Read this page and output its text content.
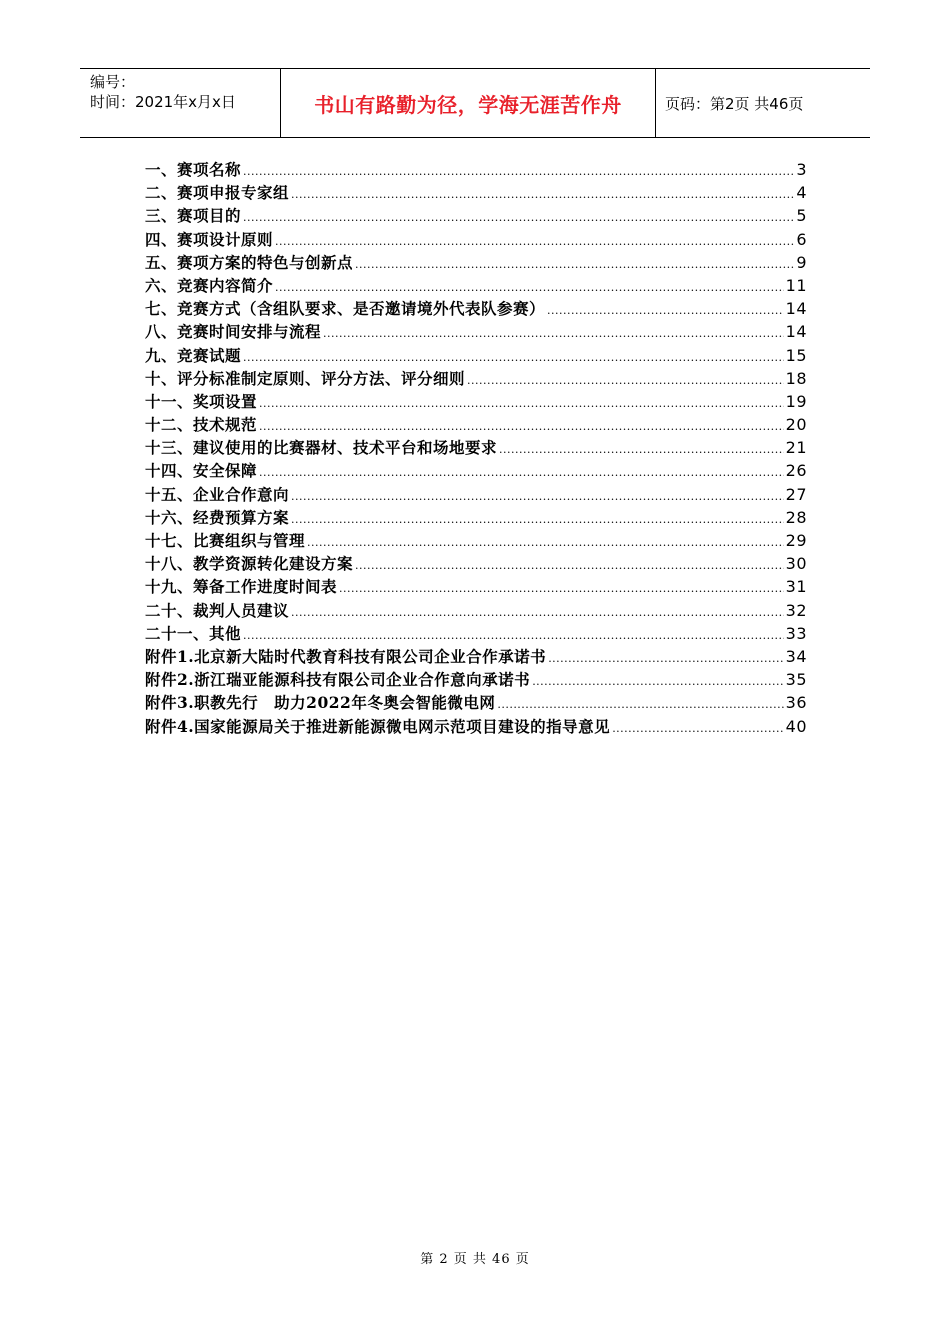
编号：
时间：2021年x月x日	书山有路勤为径，学海无涯苦作舟	页码：第2页 共46页
一、赛项名称 .....	3
二、赛项申报专家组 .....	4
三、赛项目的 .....	5
四、赛项设计原则 .....	6
五、赛项方案的特色与创新点 .....	9
六、竞赛内容简介 .....	11
七、竞赛方式（含组队要求、是否邀请境外代表队参赛） .....	14
八、竞赛时间安排与流程 .....	14
九、竞赛试题 .....	15
十、评分标准制定原则、评分方法、评分细则 .....	18
十一、奖项设置 .....	19
十二、技术规范 .....	20
十三、建议使用的比赛器材、技术平台和场地要求 .....	21
十四、安全保障 .....	26
十五、企业合作意向 .....	27
十六、经费预算方案 .....	28
十七、比赛组织与管理 .....	29
十八、教学资源转化建设方案 .....	30
十九、筹备工作进度时间表 .....	31
二十、裁判人员建议 .....	32
二十一、其他 .....	33
附件1.北京新大陆时代教育科技有限公司企业合作承诺书 .....	34
附件2.浙江瑞亚能源科技有限公司企业合作意向承诺书 .....	35
附件3.职教先行　助力2022年冬奥会智能微电网 .....	36
附件4.国家能源局关于推进新能源微电网示范项目建设的指导意见 .....	40
第 2 页 共 46 页
